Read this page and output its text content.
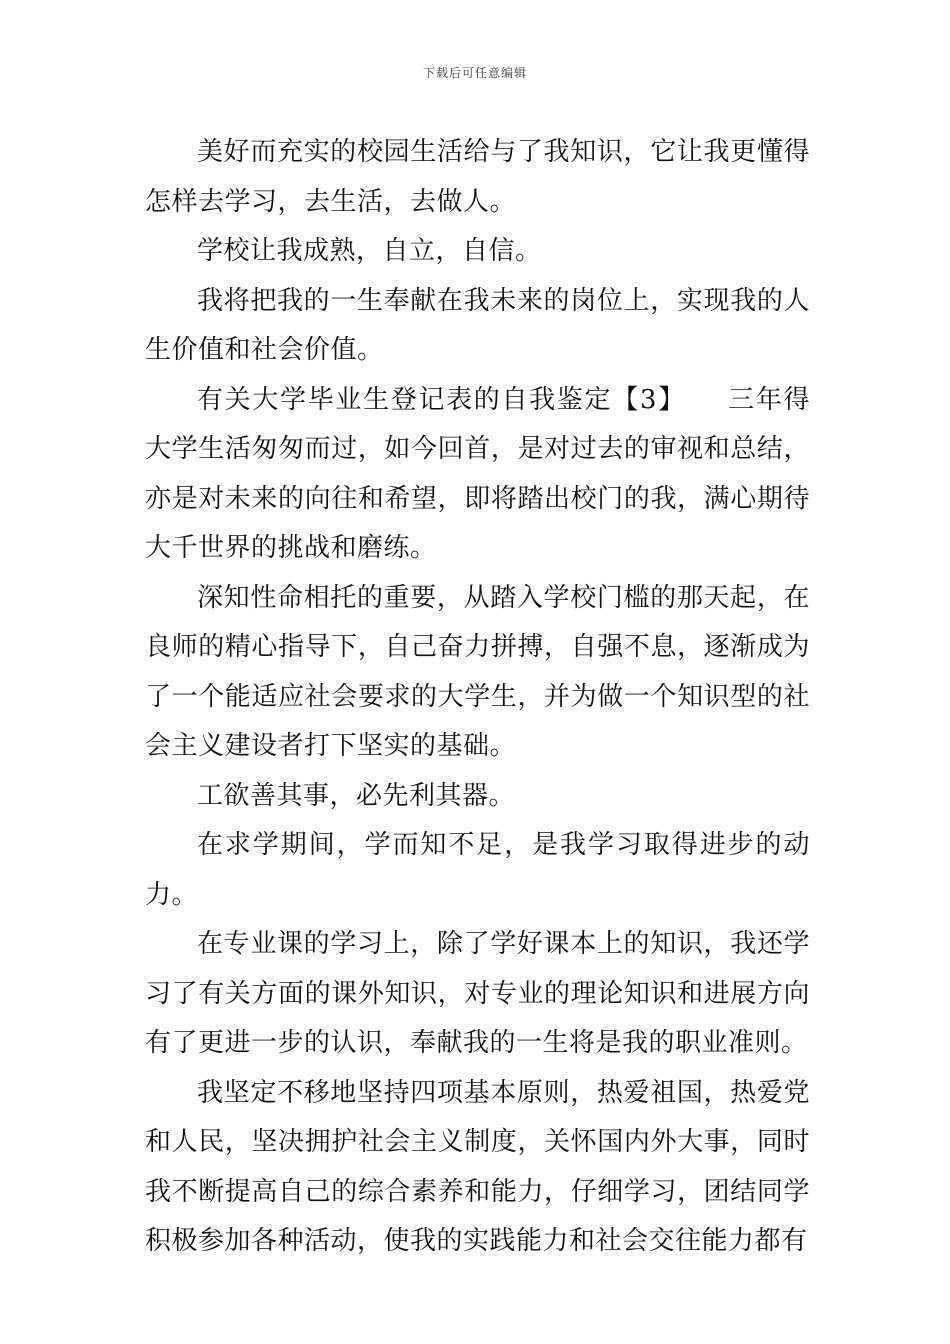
下载后可任意编辑

美好而充实的校园生活给与了我知识，它让我更懂得怎样去学习，去生活，去做人。

学校让我成熟，自立，自信。

我将把我的一生奉献在我未来的岗位上，实现我的人生价值和社会价值。

有关大学毕业生登记表的自我鉴定【3】　　三年得大学生活匆匆而过，如今回首，是对过去的审视和总结，亦是对未来的向往和希望，即将踏出校门的我，满心期待大千世界的挑战和磨练。

深知性命相托的重要，从踏入学校门槛的那天起，在良师的精心指导下，自己奋力拼搏，自强不息，逐渐成为了一个能适应社会要求的大学生，并为做一个知识型的社会主义建设者打下坚实的基础。

工欲善其事，必先利其器。

在求学期间，学而知不足，是我学习取得进步的动力。

在专业课的学习上，除了学好课本上的知识，我还学习了有关方面的课外知识，对专业的理论知识和进展方向有了更进一步的认识，奉献我的一生将是我的职业准则。

我坚定不移地坚持四项基本原则，热爱祖国，热爱党和人民，坚决拥护社会主义制度，关怀国内外大事，同时我不断提高自己的综合素养和能力，仔细学习，团结同学积极参加各种活动，使我的实践能力和社会交往能力都有
